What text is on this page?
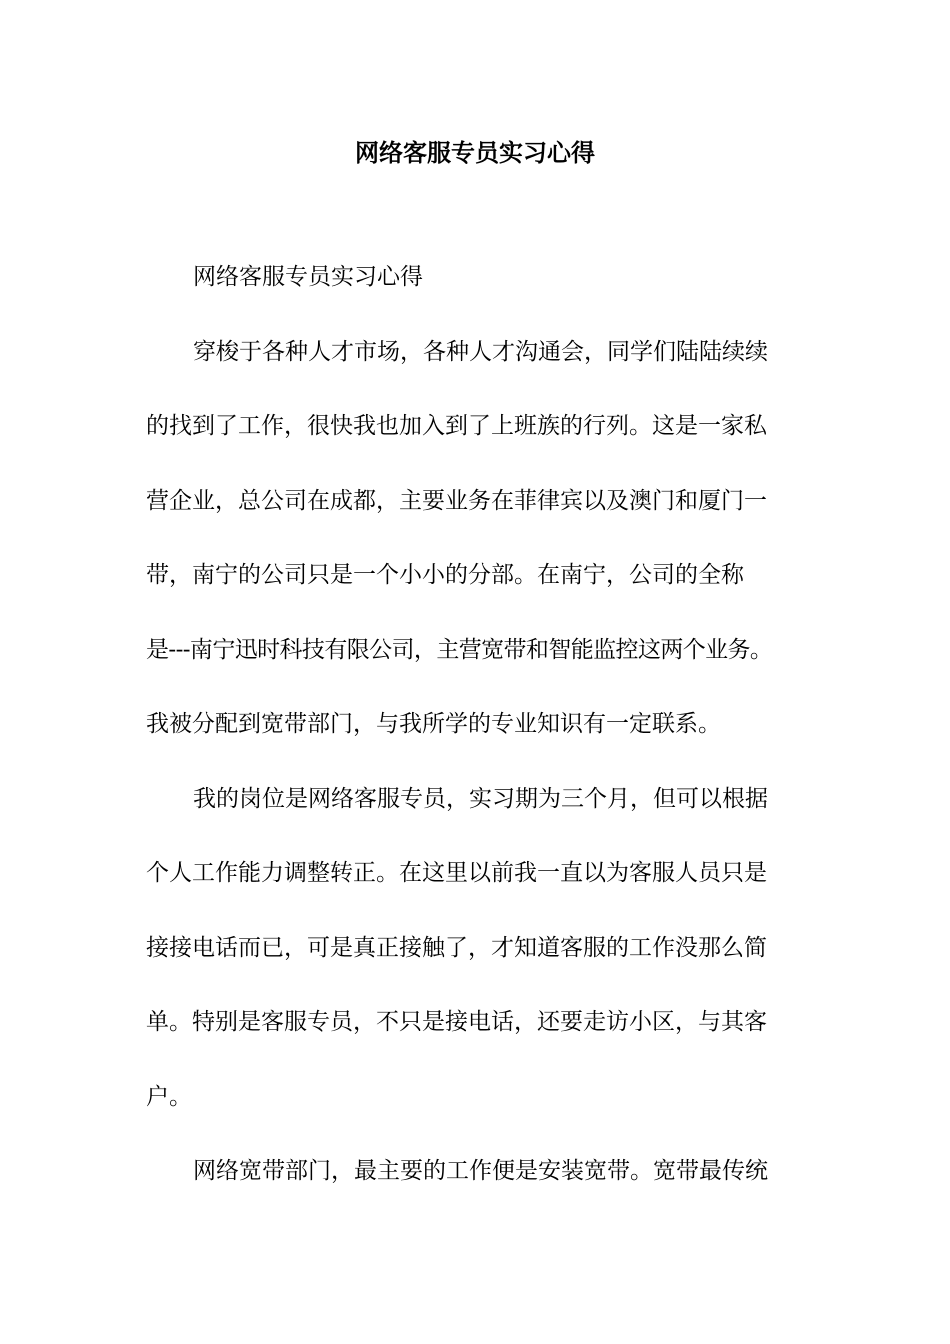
网络客服专员实习心得
网络客服专员实习心得
穿梭于各种人才市场，各种人才沟通会，同学们陆陆续续
的找到了工作，很快我也加入到了上班族的行列。这是一家私
营企业，总公司在成都，主要业务在菲律宾以及澳门和厦门一
带，南宁的公司只是一个小小的分部。在南宁，公司的全称
是---南宁迅时科技有限公司，主营宽带和智能监控这两个业务。
我被分配到宽带部门，与我所学的专业知识有一定联系。
我的岗位是网络客服专员，实习期为三个月，但可以根据
个人工作能力调整转正。在这里以前我一直以为客服人员只是
接接电话而已，可是真正接触了，才知道客服的工作没那么简
单。特别是客服专员，不只是接电话，还要走访小区，与其客
户。
网络宽带部门，最主要的工作便是安装宽带。宽带最传统
